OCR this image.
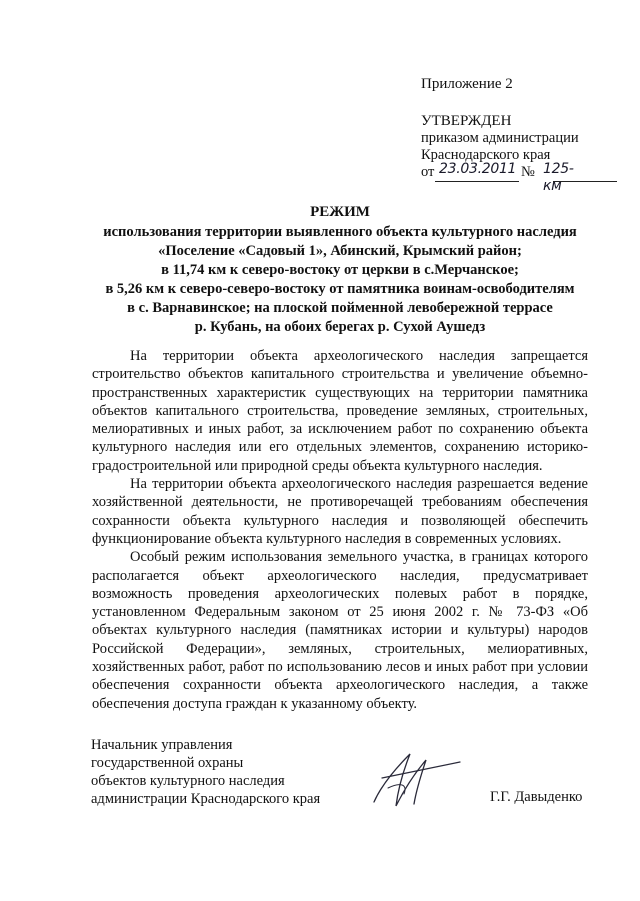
Приложение 2
УТВЕРЖДЕН
приказом администрации
Краснодарского края
от 23.03.2011 № 125-км
РЕЖИМ
использования территории выявленного объекта культурного наследия
«Поселение «Садовый 1», Абинский, Крымский район;
в 11,74 км к северо-востоку от церкви в с.Мерчанское;
в 5,26 км к северо-северо-востоку от памятника воинам-освободителям
в с. Варнавинское; на плоской пойменной левобережной террасе
р. Кубань, на обоих берегах р. Сухой Аушедз

На территории объекта археологического наследия запрещается строительство объектов капитального строительства и увеличение объемно-пространственных характеристик существующих на территории памятника объектов капитального строительства, проведение земляных, строительных, мелиоративных и иных работ, за исключением работ по сохранению объекта культурного наследия или его отдельных элементов, сохранению историко-градостроительной или природной среды объекта культурного наследия.

На территории объекта археологического наследия разрешается ведение хозяйственной деятельности, не противоречащей требованиям обеспечения сохранности объекта культурного наследия и позволяющей обеспечить функционирование объекта культурного наследия в современных условиях.

Особый режим использования земельного участка, в границах которого располагается объект археологического наследия, предусматривает возможность проведения археологических полевых работ в порядке, установленном Федеральным законом от 25 июня 2002 г. № 73-ФЗ «Об объектах культурного наследия (памятниках истории и культуры) народов Российской Федерации», земляных, строительных, мелиоративных, хозяйственных работ, работ по использованию лесов и иных работ при условии обеспечения сохранности объекта археологического наследия, а также обеспечения доступа граждан к указанному объекту.

Начальник управления
государственной охраны
объектов культурного наследия
администрации Краснодарского края	Г.Г. Давыденко
